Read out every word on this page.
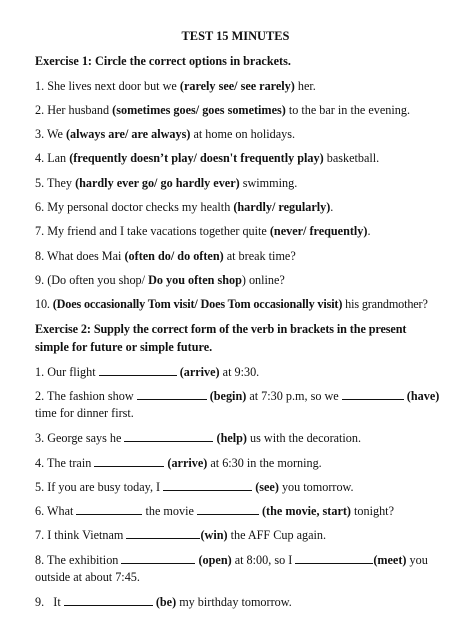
TEST 15 MINUTES
Exercise 1: Circle the correct options in brackets.
1. She lives next door but we (rarely see/ see rarely) her.
2. Her husband (sometimes goes/ goes sometimes) to the bar in the evening.
3. We (always are/ are always) at home on holidays.
4. Lan (frequently doesn’t play/ doesn't frequently play) basketball.
5. They (hardly ever go/ go hardly ever) swimming.
6. My personal doctor checks my health (hardly/ regularly).
7. My friend and I take vacations together quite (never/ frequently).
8. What does Mai (often do/ do often) at break time?
9. (Do often you shop/ Do you often shop) online?
10. (Does occasionally Tom visit/ Does Tom occasionally visit) his grandmother?
Exercise 2: Supply the correct form of the verb in brackets in the present
simple for future or simple future.
1. Our flight	(arrive) at 9:30.
2. The fashion show	(begin) at 7:30 p.m, so we	(have)
time for dinner first.
3. George says he	(help) us with the decoration.
4. The train	(arrive) at 6:30 in the morning.
5. If you are busy today, I	(see) you tomorrow.
6. What	the movie	(the movie, start) tonight?
7. I think Vietnam	(win) the AFF Cup again.
8. The exhibition	(open) at 8:00, so I	(meet) you
outside at about 7:45.
9.   It	(be) my birthday tomorrow.
